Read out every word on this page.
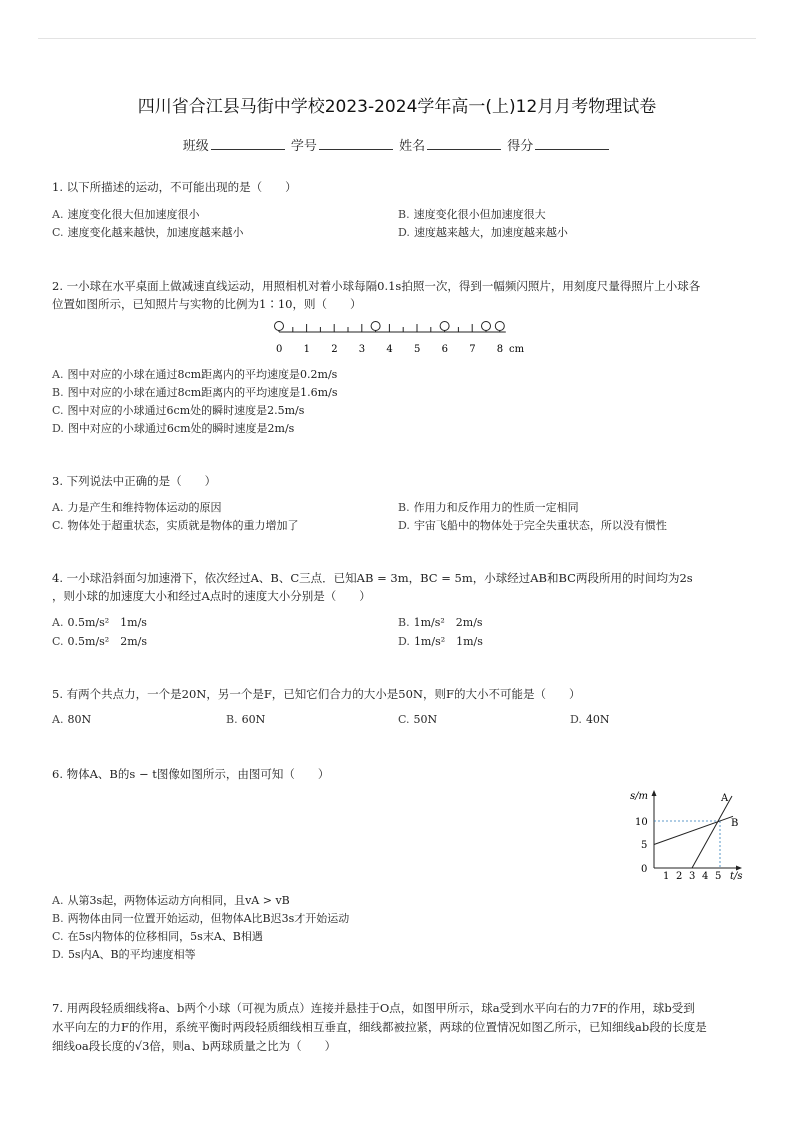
四川省合江县马街中学校2023-2024学年高一(上)12月月考物理试卷
班级	学号	姓名	得分
1. 以下所描述的运动，不可能出现的是（　　）
A. 速度变化很大但加速度很小	B. 速度变化很小但加速度很大
C. 速度变化越来越快，加速度越来越小	D. 速度越来越大，加速度越来越小
2. 一小球在水平桌面上做减速直线运动，用照相机对着小球每隔0.1s拍照一次，得到一幅频闪照片，用刻度尺量得照片上小球各
位置如图所示，已知照片与实物的比例为1∶10，则（　　）
0 1 2 3 4 5 6 7 8 cm
A. 图中对应的小球在通过8cm距离内的平均速度是0.2m/s
B. 图中对应的小球在通过8cm距离内的平均速度是1.6m/s
C. 图中对应的小球通过6cm处的瞬时速度是2.5m/s
D. 图中对应的小球通过6cm处的瞬时速度是2m/s
3. 下列说法中正确的是（　　）
A. 力是产生和维持物体运动的原因	B. 作用力和反作用力的性质一定相同
C. 物体处于超重状态，实质就是物体的重力增加了	D. 宇宙飞船中的物体处于完全失重状态，所以没有惯性
4. 一小球沿斜面匀加速滑下，依次经过A、B、C三点．已知AB = 3m，BC = 5m，小球经过AB和BC两段所用的时间均为2s
，则小球的加速度大小和经过A点时的速度大小分别是（　　）
A. 0.5m/s²　1m/s	B. 1m/s²　2m/s
C. 0.5m/s²　2m/s	D. 1m/s²　1m/s
5. 有两个共点力，一个是20N，另一个是F，已知它们合力的大小是50N，则F的大小不可能是（　　）
A. 80N	B. 60N	C. 50N	D. 40N
6. 物体A、B的s − t图像如图所示，由图可知（　　）
s/m
t/s
0
5
10
1 2 3 4 5
A
B
A. 从第3s起，两物体运动方向相同，且vA > vB
B. 两物体由同一位置开始运动，但物体A比B迟3s才开始运动
C. 在5s内物体的位移相同，5s末A、B相遇
D. 5s内A、B的平均速度相等
7. 用两段轻质细线将a、b两个小球（可视为质点）连接并悬挂于O点，如图甲所示，球a受到水平向右的力7F的作用，球b受到
水平向左的力F的作用，系统平衡时两段轻质细线相互垂直，细线都被拉紧，两球的位置情况如图乙所示，已知细线ab段的长度是
细线oa段长度的√3倍，则a、b两球质量之比为（　　）
